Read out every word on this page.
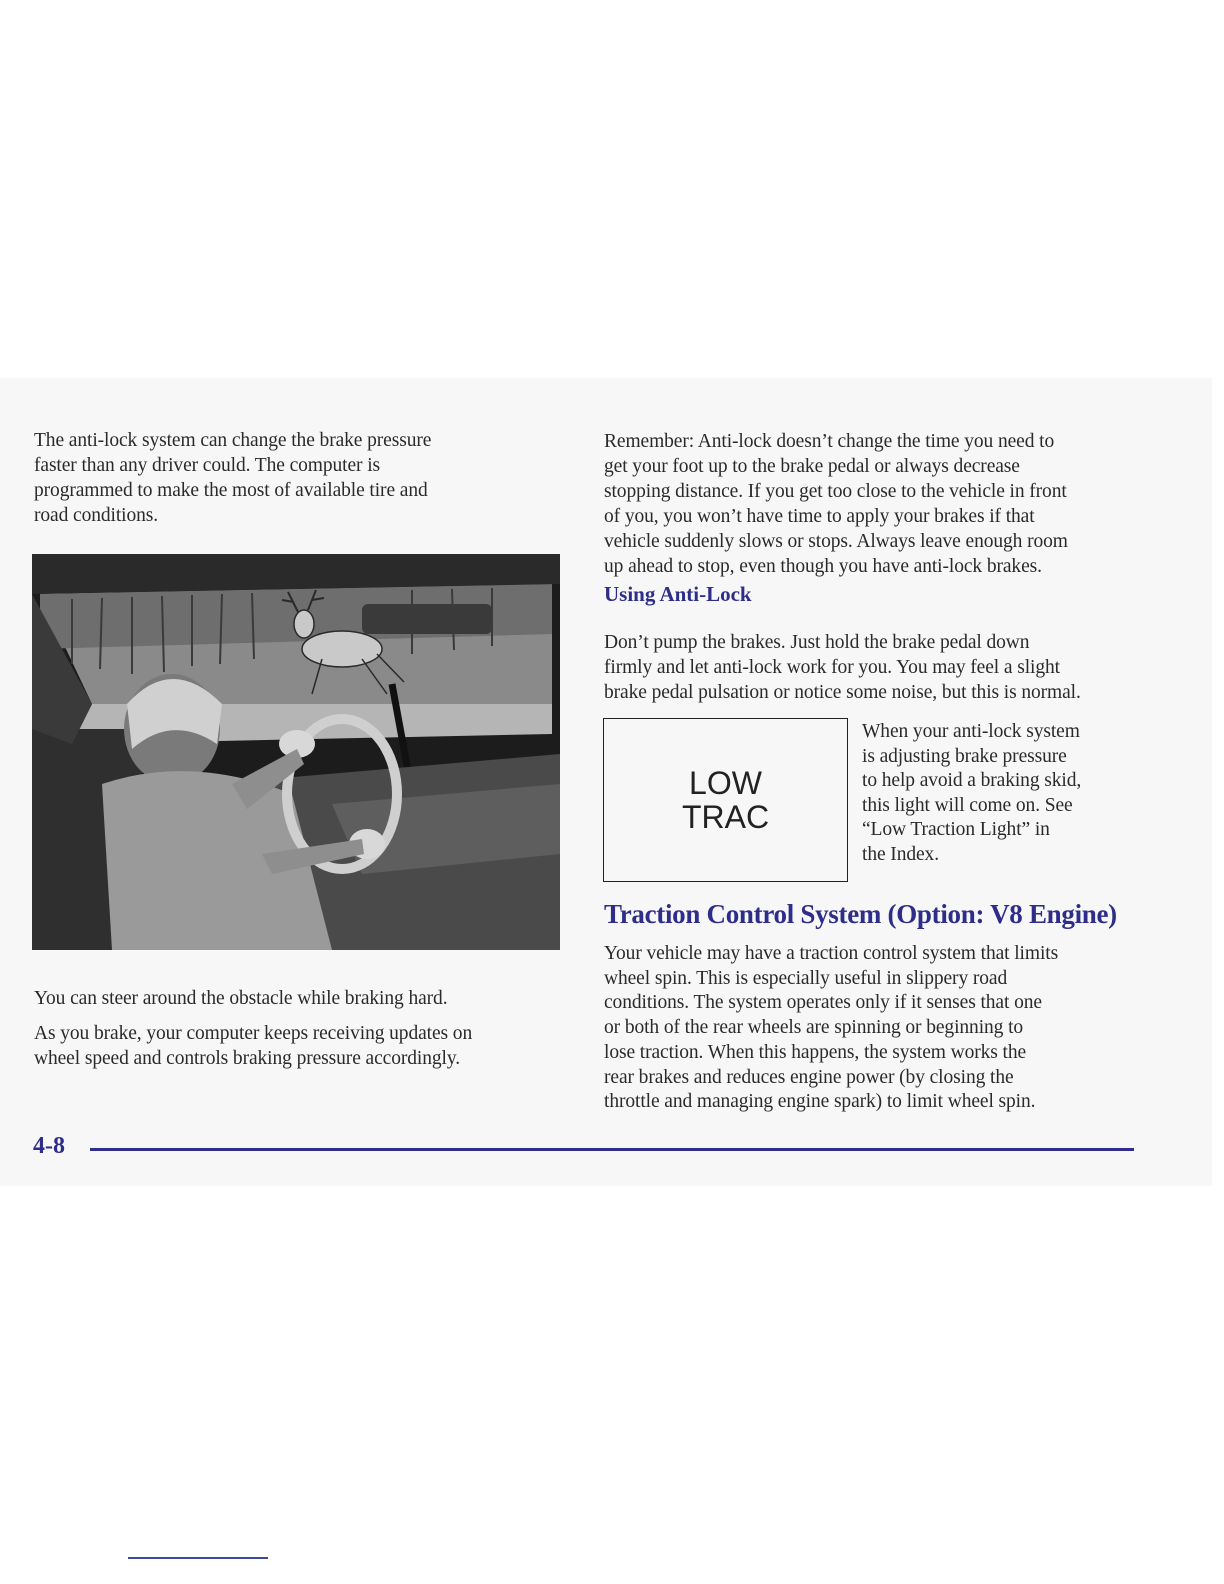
The anti-lock system can change the brake pressure
faster than any driver could. The computer is
programmed to make the most of available tire and
road conditions.

You can steer around the obstacle while braking hard.

As you brake, your computer keeps receiving updates on
wheel speed and controls braking pressure accordingly.

Remember: Anti-lock doesn’t change the time you need to
get your foot up to the brake pedal or always decrease
stopping distance. If you get too close to the vehicle in front
of you, you won’t have time to apply your brakes if that
vehicle suddenly slows or stops. Always leave enough room
up ahead to stop, even though you have anti-lock brakes.

Using Anti-Lock

Don’t pump the brakes. Just hold the brake pedal down
firmly and let anti-lock work for you. You may feel a slight
brake pedal pulsation or notice some noise, but this is normal.

LOW
TRAC

When your anti-lock system
is adjusting brake pressure
to help avoid a braking skid,
this light will come on. See
“Low Traction Light” in
the Index.

Traction Control System (Option: V8 Engine)

Your vehicle may have a traction control system that limits
wheel spin. This is especially useful in slippery road
conditions. The system operates only if it senses that one
or both of the rear wheels are spinning or beginning to
lose traction. When this happens, the system works the
rear brakes and reduces engine power (by closing the
throttle and managing engine spark) to limit wheel spin.

4-8
